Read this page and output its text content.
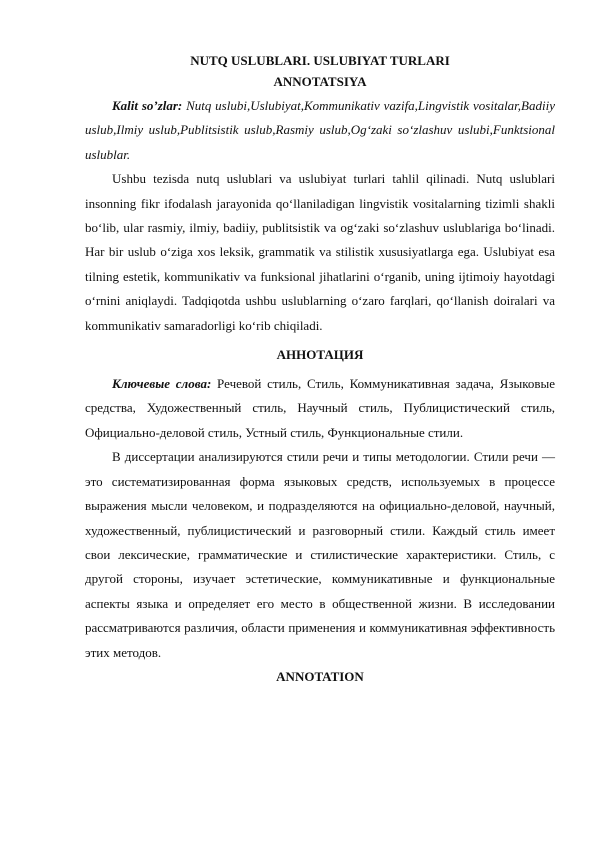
NUTQ USLUBLARI. USLUBIYAT TURLARI

ANNOTATSIYA

Kalit so’zlar: Nutq uslubi,Uslubiyat,Kommunikativ vazifa,Lingvistik vositalar,Badiiy uslub,Ilmiy uslub,Publitsistik uslub,Rasmiy uslub,Og‘zaki so‘zlashuv uslubi,Funktsional uslublar.

Ushbu tezisda nutq uslublari va uslubiyat turlari tahlil qilinadi. Nutq uslublari insonning fikr ifodalash jarayonida qo‘llaniladigan lingvistik vositalarning tizimli shakli bo‘lib, ular rasmiy, ilmiy, badiiy, publitsistik va og‘zaki so‘zlashuv uslublariga bo‘linadi. Har bir uslub o‘ziga xos leksik, grammatik va stilistik xususiyatlarga ega. Uslubiyat esa tilning estetik, kommunikativ va funksional jihatlarini o‘rganib, uning ijtimoiy hayotdagi o‘rnini aniqlaydi. Tadqiqotda ushbu uslublarning o‘zaro farqlari, qo‘llanish doiralari va kommunikativ samaradorligi ko‘rib chiqiladi.

АННОТАЦИЯ

Ключевые слова: Речевой стиль, Стиль, Коммуникативная задача, Языковые средства, Художественный стиль, Научный стиль, Публицистический стиль, Официально-деловой стиль, Устный стиль, Функциональные стили.

В диссертации анализируются стили речи и типы методологии. Стили речи — это систематизированная форма языковых средств, используемых в процессе выражения мысли человеком, и подразделяются на официально-деловой, научный, художественный, публицистический и разговорный стили. Каждый стиль имеет свои лексические, грамматические и стилистические характеристики. Стиль, с другой стороны, изучает эстетические, коммуникативные и функциональные аспекты языка и определяет его место в общественной жизни. В исследовании рассматриваются различия, области применения и коммуникативная эффективность этих методов.

ANNOTATION
